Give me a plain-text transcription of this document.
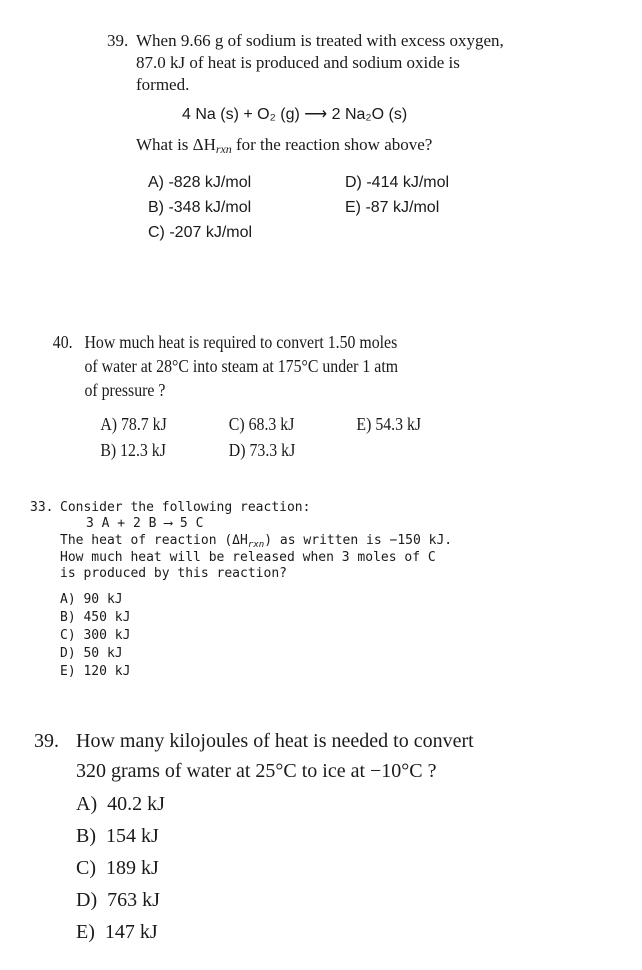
39. When 9.66 g of sodium is treated with excess oxygen,
87.0 kJ of heat is produced and sodium oxide is
formed.
4 Na (s) + O₂ (g) ⟶ 2 Na₂O (s)
What is $\Delta H_{rxn}$ for the reaction show above?
A) -828 kJ/mol
B) -348 kJ/mol
C) -207 kJ/mol
D) -414 kJ/mol
E) -87 kJ/mol
40. How much heat is required to convert 1.50 moles
of water at 28°C into steam at 175°C under 1 atm
of pressure ?
A) 78.7 kJ
B) 12.3 kJ
C) 68.3 kJ
D) 73.3 kJ
E) 54.3 kJ
33. Consider the following reaction:
3 A + 2 B ⟶ 5 C
The heat of reaction $(\Delta H_{rxn})$ as written is −150 kJ.
How much heat will be released when 3 moles of C
is produced by this reaction?
A) 90 kJ
B) 450 kJ
C) 300 kJ
D) 50 kJ
E) 120 kJ
39. How many kilojoules of heat is needed to convert
320 grams of water at 25°C to ice at −10°C ?
A) 40.2 kJ
B) 154 kJ
C) 189 kJ
D) 763 kJ
E) 147 kJ
